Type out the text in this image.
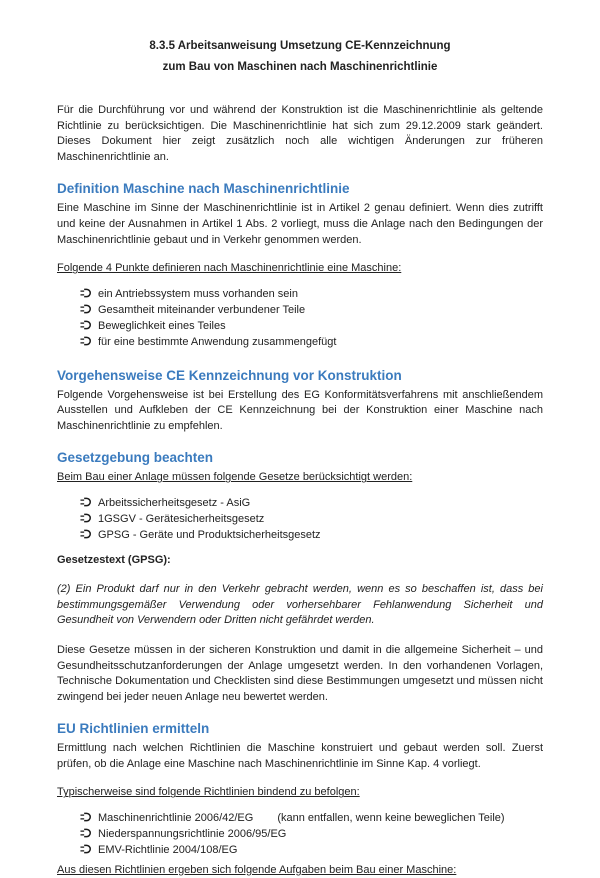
8.3.5 Arbeitsanweisung Umsetzung CE-Kennzeichnung
zum Bau von Maschinen nach Maschinenrichtlinie

Für die Durchführung vor und während der Konstruktion ist die Maschinenrichtlinie als geltende Richtlinie zu berücksichtigen. Die Maschinenrichtlinie hat sich zum 29.12.2009 stark geändert. Dieses Dokument hier zeigt zusätzlich noch alle wichtigen Änderungen zur früheren Maschinenrichtlinie an.

Definition Maschine nach Maschinenrichtlinie

Eine Maschine im Sinne der Maschinenrichtlinie ist in Artikel 2 genau definiert. Wenn dies zutrifft und keine der Ausnahmen in Artikel 1 Abs. 2 vorliegt, muss die Anlage nach den Bedingungen der Maschinenrichtlinie gebaut und in Verkehr genommen werden.

Folgende 4 Punkte definieren nach Maschinenrichtlinie eine Maschine:

ein Antriebssystem muss vorhanden sein
Gesamtheit miteinander verbundener Teile
Beweglichkeit eines Teiles
für eine bestimmte Anwendung zusammengefügt
Vorgehensweise CE Kennzeichnung vor Konstruktion

Folgende Vorgehensweise ist bei Erstellung des EG Konformitätsverfahrens mit anschließendem Ausstellen und Aufkleben der CE Kennzeichnung bei der Konstruktion einer Maschine nach Maschinenrichtlinie zu empfehlen.

Gesetzgebung beachten

Beim Bau einer Anlage müssen folgende Gesetze berücksichtigt werden:

Arbeitssicherheitsgesetz - AsiG
1GSGV - Gerätesicherheitsgesetz
GPSG - Geräte und Produktsicherheitsgesetz

Gesetzestext (GPSG):

(2) Ein Produkt darf nur in den Verkehr gebracht werden, wenn es so beschaffen ist, dass bei bestimmungsgemäßer Verwendung oder vorhersehbarer Fehlanwendung Sicherheit und Gesundheit von Verwendern oder Dritten nicht gefährdet werden.

Diese Gesetze müssen in der sicheren Konstruktion und damit in die allgemeine Sicherheit – und Gesundheitsschutzanforderungen der Anlage umgesetzt werden. In den vorhandenen Vorlagen, Technische Dokumentation und Checklisten sind diese Bestimmungen umgesetzt und müssen nicht zwingend bei jeder neuen Anlage neu bewertet werden.

EU Richtlinien ermitteln

Ermittlung nach welchen Richtlinien die Maschine konstruiert und gebaut werden soll. Zuerst prüfen, ob die Anlage eine Maschine nach Maschinenrichtlinie im Sinne Kap. 4 vorliegt.

Typischerweise sind folgende Richtlinien bindend zu befolgen:

Maschinenrichtlinie 2006/42/EG (kann entfallen, wenn keine beweglichen Teile)
Niederspannungsrichtlinie 2006/95/EG
EMV-Richtlinie 2004/108/EG

Aus diesen Richtlinien ergeben sich folgende Aufgaben beim Bau einer Maschine:
